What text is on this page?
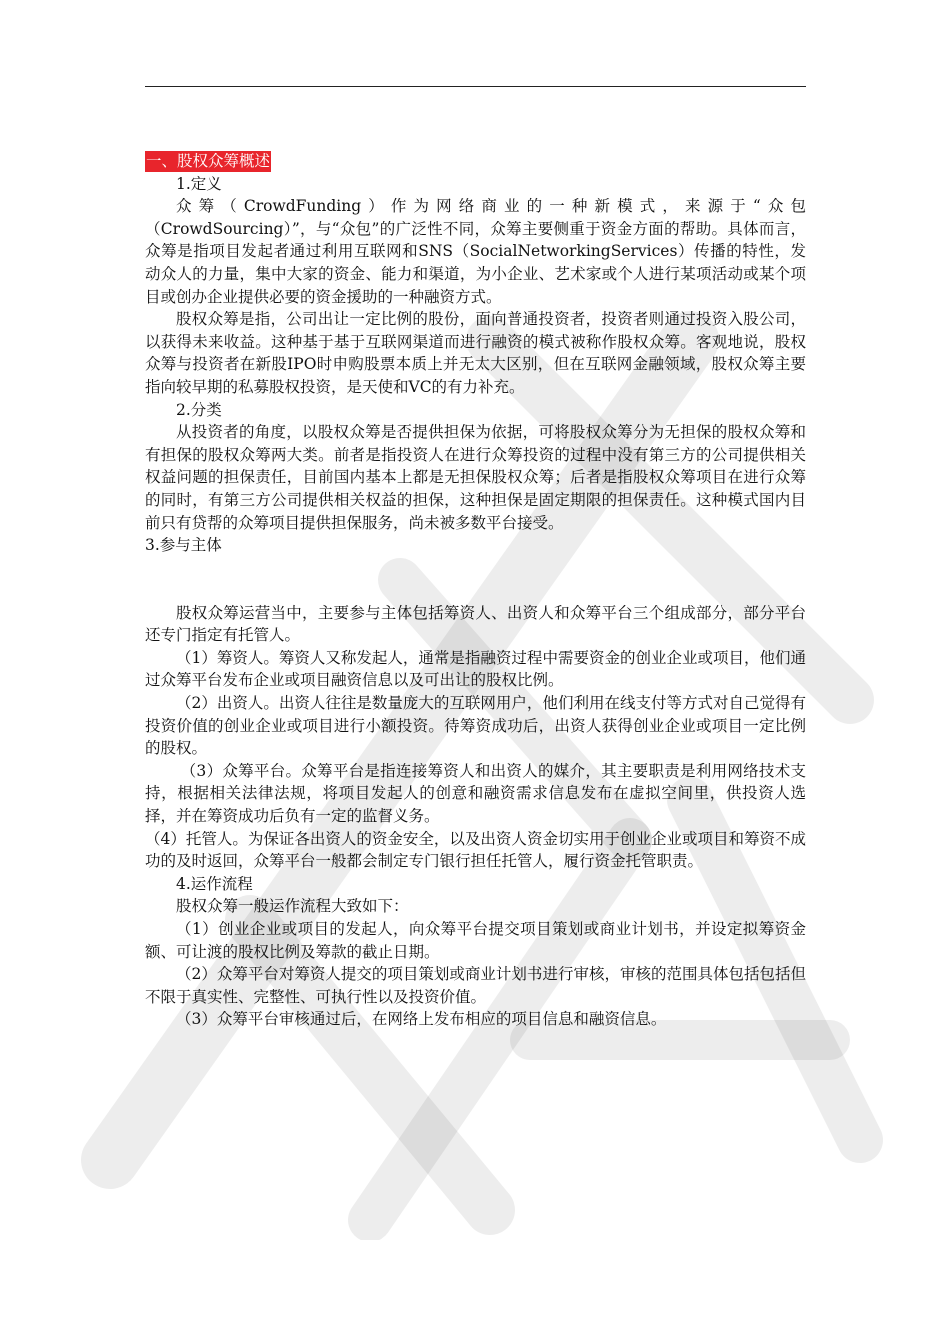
一、股权众筹概述

1.定义

众筹（CrowdFunding）作为网络商业的一种新模式，来源于“众包（CrowdSourcing）”，与“众包”的广泛性不同，众筹主要侧重于资金方面的帮助。具体而言，众筹是指项目发起者通过利用互联网和SNS（SocialNetworkingServices）传播的特性，发动众人的力量，集中大家的资金、能力和渠道，为小企业、艺术家或个人进行某项活动或某个项目或创办企业提供必要的资金援助的一种融资方式。

股权众筹是指，公司出让一定比例的股份，面向普通投资者，投资者则通过投资入股公司，以获得未来收益。这种基于基于互联网渠道而进行融资的模式被称作股权众筹。客观地说，股权众筹与投资者在新股IPO时申购股票本质上并无太大区别，但在互联网金融领域，股权众筹主要指向较早期的私募股权投资，是天使和VC的有力补充。

2.分类

从投资者的角度，以股权众筹是否提供担保为依据，可将股权众筹分为无担保的股权众筹和有担保的股权众筹两大类。前者是指投资人在进行众筹投资的过程中没有第三方的公司提供相关权益问题的担保责任，目前国内基本上都是无担保股权众筹；后者是指股权众筹项目在进行众筹的同时，有第三方公司提供相关权益的担保，这种担保是固定期限的担保责任。这种模式国内目前只有贷帮的众筹项目提供担保服务，尚未被多数平台接受。

3.参与主体

股权众筹运营当中，主要参与主体包括筹资人、出资人和众筹平台三个组成部分，部分平台还专门指定有托管人。

（1）筹资人。筹资人又称发起人，通常是指融资过程中需要资金的创业企业或项目，他们通过众筹平台发布企业或项目融资信息以及可出让的股权比例。

（2）出资人。出资人往往是数量庞大的互联网用户，他们利用在线支付等方式对自己觉得有投资价值的创业企业或项目进行小额投资。待筹资成功后，出资人获得创业企业或项目一定比例的股权。

（3）众筹平台。众筹平台是指连接筹资人和出资人的媒介，其主要职责是利用网络技术支持，根据相关法律法规，将项目发起人的创意和融资需求信息发布在虚拟空间里，供投资人选择，并在筹资成功后负有一定的监督义务。

（4）托管人。为保证各出资人的资金安全，以及出资人资金切实用于创业企业或项目和筹资不成功的及时返回，众筹平台一般都会制定专门银行担任托管人，履行资金托管职责。

4.运作流程

股权众筹一般运作流程大致如下：

（1）创业企业或项目的发起人，向众筹平台提交项目策划或商业计划书，并设定拟筹资金额、可让渡的股权比例及筹款的截止日期。

（2）众筹平台对筹资人提交的项目策划或商业计划书进行审核，审核的范围具体包括包括但不限于真实性、完整性、可执行性以及投资价值。

（3）众筹平台审核通过后，在网络上发布相应的项目信息和融资信息。
